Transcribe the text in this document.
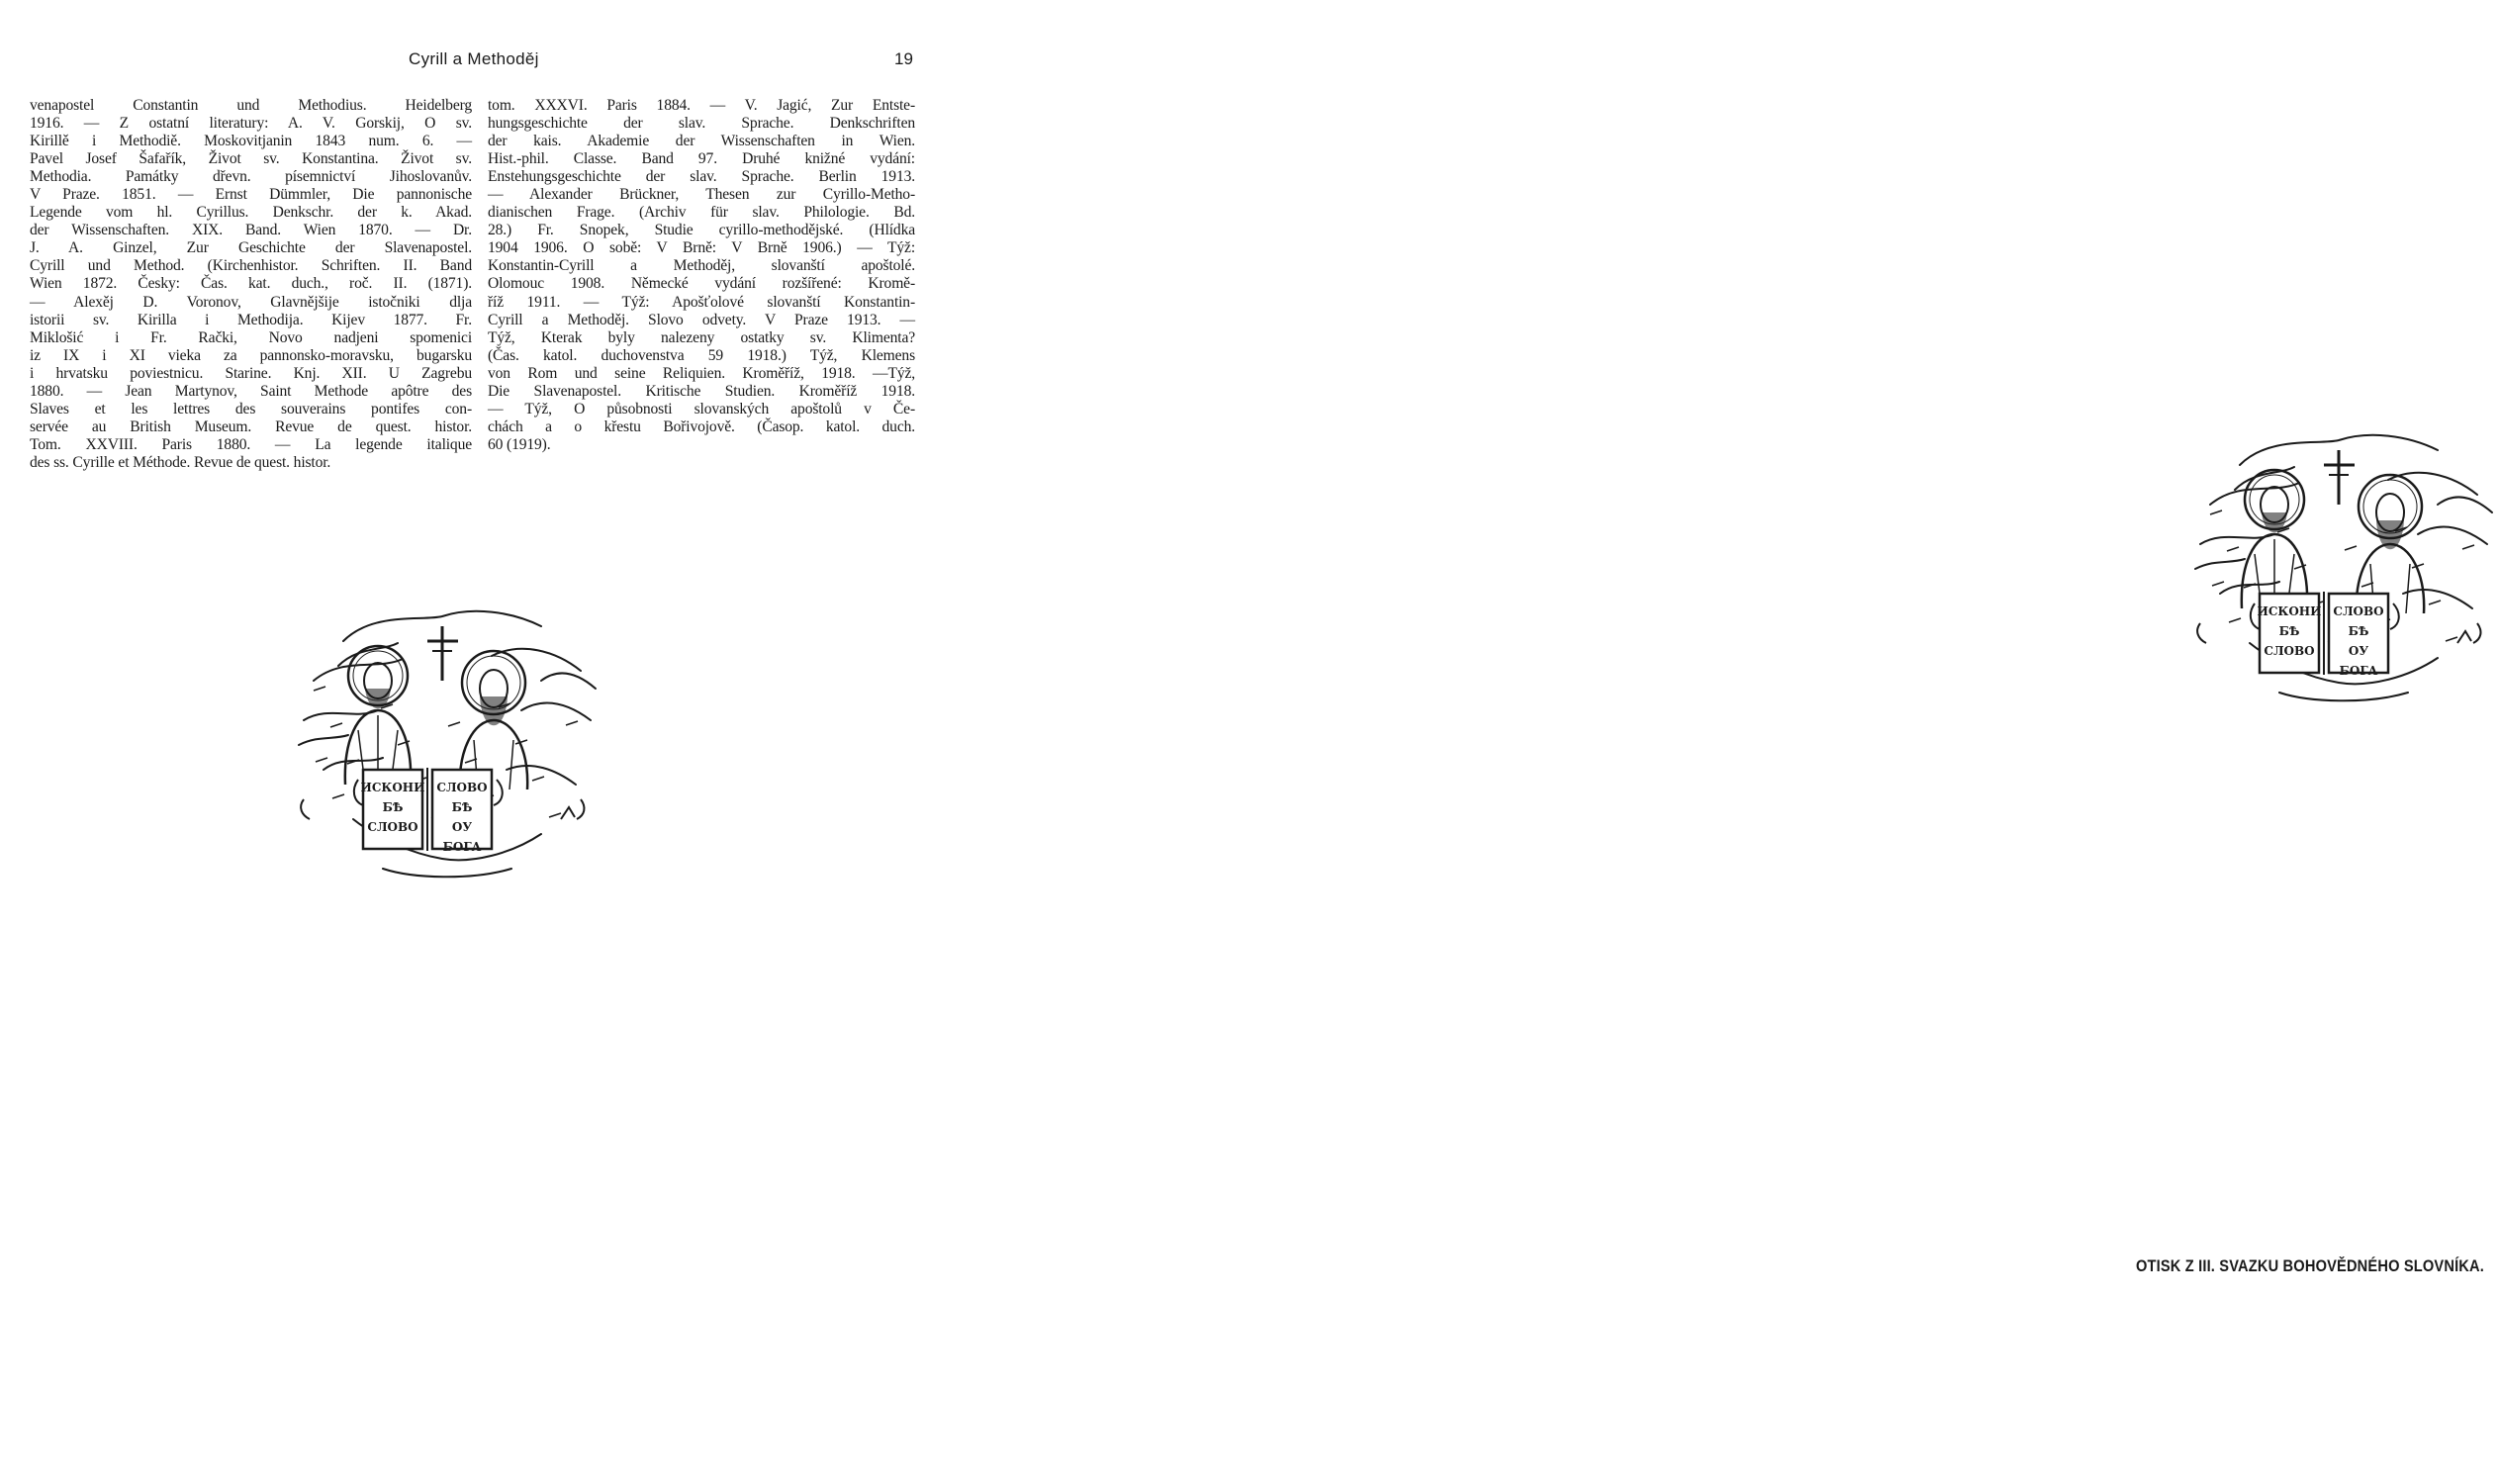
Cyrill a Methoděj	19
venapostel Constantin und Methodius. Heidelberg
1916. — Z ostatní literatury: A. V. Gorskij, O sv.
Kirillě i Methodiě. Moskovitjanin 1843 num. 6. —
Pavel Josef Šafařík, Život sv. Konstantina. Život sv.
Methodia. Památky dřevn. písemnictví Jihoslovanův.
V Praze. 1851. — Ernst Dümmler, Die pannonische
Legende vom hl. Cyrillus. Denkschr. der k. Akad.
der Wissenschaften. XIX. Band. Wien 1870. — Dr.
J. A. Ginzel, Zur Geschichte der Slavenapostel.
Cyrill und Method. (Kirchenhistor. Schriften. II. Band
Wien 1872. Česky: Čas. kat. duch., roč. II. (1871).
— Alexěj D. Voronov, Glavnějšije istočniki dlja
istorii sv. Kirilla i Methodija. Kijev 1877. Fr.
Miklošić i Fr. Rački, Novo nadjeni spomenici
iz IX i XI vieka za pannonsko-moravsku, bugarsku
i hrvatsku poviestnicu. Starine. Knj. XII. U Zagrebu
1880. — Jean Martynov, Saint Methode apôtre des
Slaves et les lettres des souverains pontifes con-
servée au British Museum. Revue de quest. histor.
Tom. XXVIII. Paris 1880. — La legende italique
des ss. Cyrille et Méthode. Revue de quest. histor.
tom. XXXVI. Paris 1884. — V. Jagić, Zur Entste-
hungsgeschichte der slav. Sprache. Denkschriften
der kais. Akademie der Wissenschaften in Wien.
Hist.-phil. Classe. Band 97. Druhé knižné vydání:
Enstehungsgeschichte der slav. Sprache. Berlin 1913.
— Alexander Brückner, Thesen zur Cyrillo-Metho-
dianischen Frage. (Archiv für slav. Philologie. Bd.
28.) Fr. Snopek, Studie cyrillo-methodějské. (Hlídka
1904 1906. O sobě: V Brně: V Brně 1906.) — Týž:
Konstantin-Cyrill a Methoděj, slovanští apoštolé.
Olomouc 1908. Německé vydání rozšířené: Kromě-
říž 1911. — Týž: Apošťolové slovanští Konstantin-
Cyrill a Methoděj. Slovo odvety. V Praze 1913. —
Týž, Kterak byly nalezeny ostatky sv. Klimenta?
(Čas. katol. duchovenstva 59 1918.) Týž, Klemens
von Rom und seine Reliquien. Kroměříž, 1918. —Týž,
Die Slavenapostel. Kritische Studien. Kroměříž 1918.
— Týž, O působnosti slovanských apoštolů v Če-
chách a o křestu Bořivojově. (Časop. katol. duch.
60 (1919).
ИСКОНИ
БѢ
СЛОВО
СЛОВО
БѢ
ОУ
БОГА
ИСКОНИ
БѢ
СЛОВО
СЛОВО
БѢ
ОУ
БОГА
OTISK Z III. SVAZKU BOHOVĚDNÉHO SLOVNÍKA.
